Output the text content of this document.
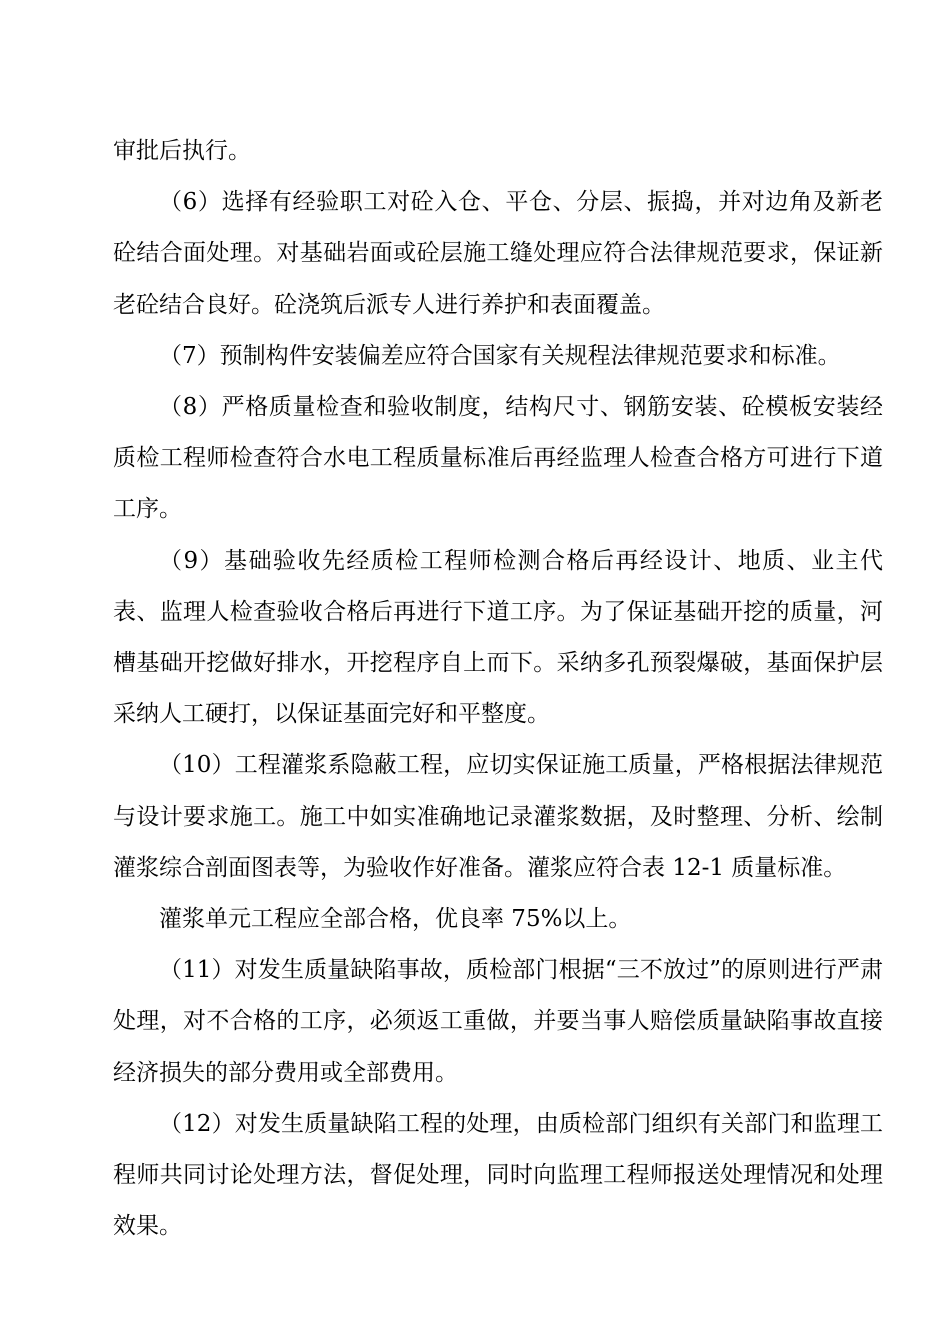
审批后执行。

（6）选择有经验职工对砼入仓、平仓、分层、振捣，并对边角及新老砼结合面处理。对基础岩面或砼层施工缝处理应符合法律规范要求，保证新老砼结合良好。砼浇筑后派专人进行养护和表面覆盖。

（7）预制构件安装偏差应符合国家有关规程法律规范要求和标准。

（8）严格质量检查和验收制度，结构尺寸、钢筋安装、砼模板安装经质检工程师检查符合水电工程质量标准后再经监理人检查合格方可进行下道工序。

（9）基础验收先经质检工程师检测合格后再经设计、地质、业主代表、监理人检查验收合格后再进行下道工序。为了保证基础开挖的质量，河槽基础开挖做好排水，开挖程序自上而下。采纳多孔预裂爆破，基面保护层采纳人工硬打，以保证基面完好和平整度。

（10）工程灌浆系隐蔽工程，应切实保证施工质量，严格根据法律规范与设计要求施工。施工中如实准确地记录灌浆数据，及时整理、分析、绘制灌浆综合剖面图表等，为验收作好准备。灌浆应符合表 12-1 质量标准。

灌浆单元工程应全部合格，优良率 75%以上。

（11）对发生质量缺陷事故，质检部门根据“三不放过”的原则进行严肃处理，对不合格的工序，必须返工重做，并要当事人赔偿质量缺陷事故直接经济损失的部分费用或全部费用。

（12）对发生质量缺陷工程的处理，由质检部门组织有关部门和监理工程师共同讨论处理方法，督促处理，同时向监理工程师报送处理情况和处理效果。
